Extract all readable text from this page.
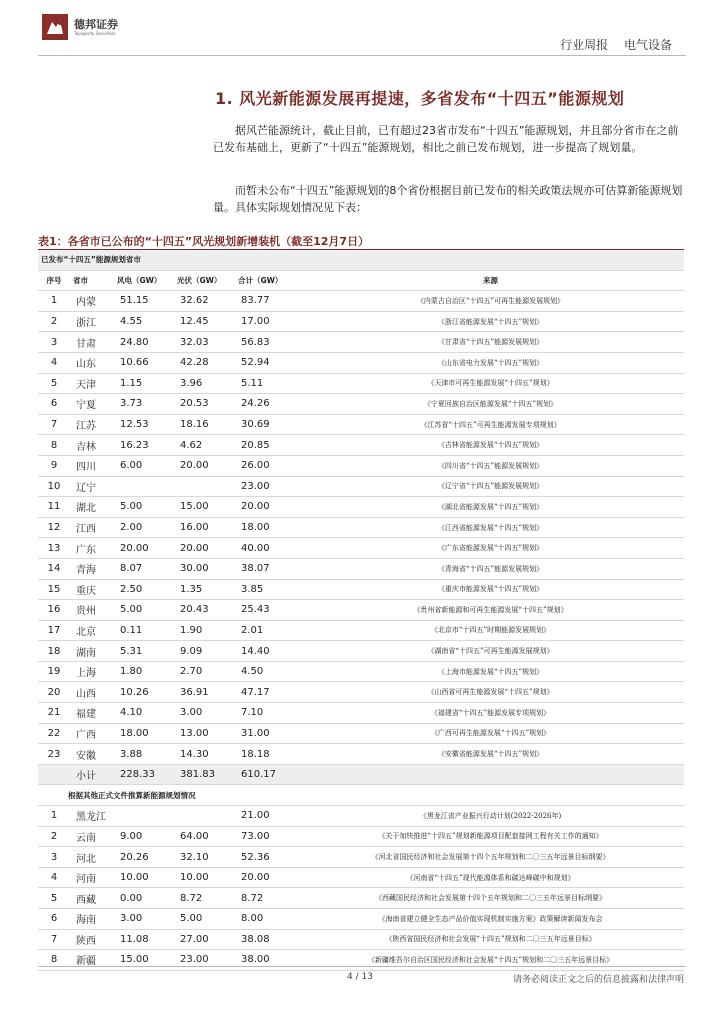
德邦证券
Topsperity Securities
行业周报 电气设备
1. 风光新能源发展再提速，多省发布“十四五”能源规划
据风芒能源统计，截止目前，已有超过23省市发布“十四五”能源规划，并且部分省市在之前已发布基础上，更新了“十四五”能源规划，相比之前已发布规划，进一步提高了规划量。
而暂未公布“十四五”能源规划的8个省份根据目前已发布的相关政策法规亦可估算新能源规划量。具体实际规划情况见下表：
表1：各省市已公布的“十四五”风光规划新增装机（截至12月7日）
已发布“十四五”能源规划省市					
序号	省市	风电（GW）	光伏（GW）	合计（GW）	来源
1	内蒙	51.15	32.62	83.77	《内蒙古自治区“十四五”可再生能源发展规划》
2	浙江	4.55	12.45	17.00	《浙江省能源发展“十四五”规划》
3	甘肃	24.80	32.03	56.83	《甘肃省“十四五”能源发展规划》
4	山东	10.66	42.28	52.94	《山东省电力发展“十四五”规划》
5	天津	1.15	3.96	5.11	《天津市可再生能源发展“十四五”规划》
6	宁夏	3.73	20.53	24.26	《宁夏回族自治区能源发展“十四五”规划》
7	江苏	12.53	18.16	30.69	《江苏省“十四五”可再生能源发展专项规划》
8	吉林	16.23	4.62	20.85	《吉林省能源发展“十四五”规划》
9	四川	6.00	20.00	26.00	《四川省“十四五”能源发展规划》
10	辽宁			23.00	《辽宁省“十四五”能源发展规划》
11	湖北	5.00	15.00	20.00	《湖北省能源发展“十四五”规划》
12	江西	2.00	16.00	18.00	《江西省能源发展“十四五”规划》
13	广东	20.00	20.00	40.00	《广东省能源发展“十四五”规划》
14	青海	8.07	30.00	38.07	《青海省“十四五”能源发展规划》
15	重庆	2.50	1.35	3.85	《重庆市能源发展“十四五”规划》
16	贵州	5.00	20.43	25.43	《贵州省新能源和可再生能源发展“十四五”规划》
17	北京	0.11	1.90	2.01	《北京市“十四五”时期能源发展规划》
18	湖南	5.31	9.09	14.40	《湖南省“十四五”可再生能源发展规划》
19	上海	1.80	2.70	4.50	《上海市能源发展“十四五”规划》
20	山西	10.26	36.91	47.17	《山西省可再生能源发展“十四五”规划》
21	福建	4.10	3.00	7.10	《福建省“十四五”能源发展专项规划》
22	广西	18.00	13.00	31.00	《广西可再生能源发展“十四五”规划》
23	安徽	3.88	14.30	18.18	《安徽省能源发展“十四五”规划》
	小计	228.33	381.83	610.17	
根据其他正式文件推算新能源规划情况					
1	黑龙江			21.00	《黑龙江省产业振兴行动计划(2022-2026年)
2	云南	9.00	64.00	73.00	《关于加快推进“十四五”规划新能源项目配套接网工程有关工作的通知》
3	河北	20.26	32.10	52.36	《河北省国民经济和社会发展第十四个五年规划和二〇三五年远景目标纲要》
4	河南	10.00	10.00	20.00	《河南省“十四五”现代能源体系和碳达峰碳中和规划》
5	西藏	0.00	8.72	8.72	《西藏国民经济和社会发展第十四个五年规划和二〇三五年远景目标纲要》
6	海南	3.00	5.00	8.00	《海南省建立健全生态产品价值实现机制实施方案》政策解读新闻发布会
7	陕西	11.08	27.00	38.08	《陕西省国民经济和社会发展“十四五”规划和二〇三五年远景目标》
8	新疆	15.00	23.00	38.00	《新疆维吾尔自治区国民经济和社会发展“十四五”规划和二〇三五年远景目标》
4 / 13	请务必阅读正文之后的信息披露和法律声明
